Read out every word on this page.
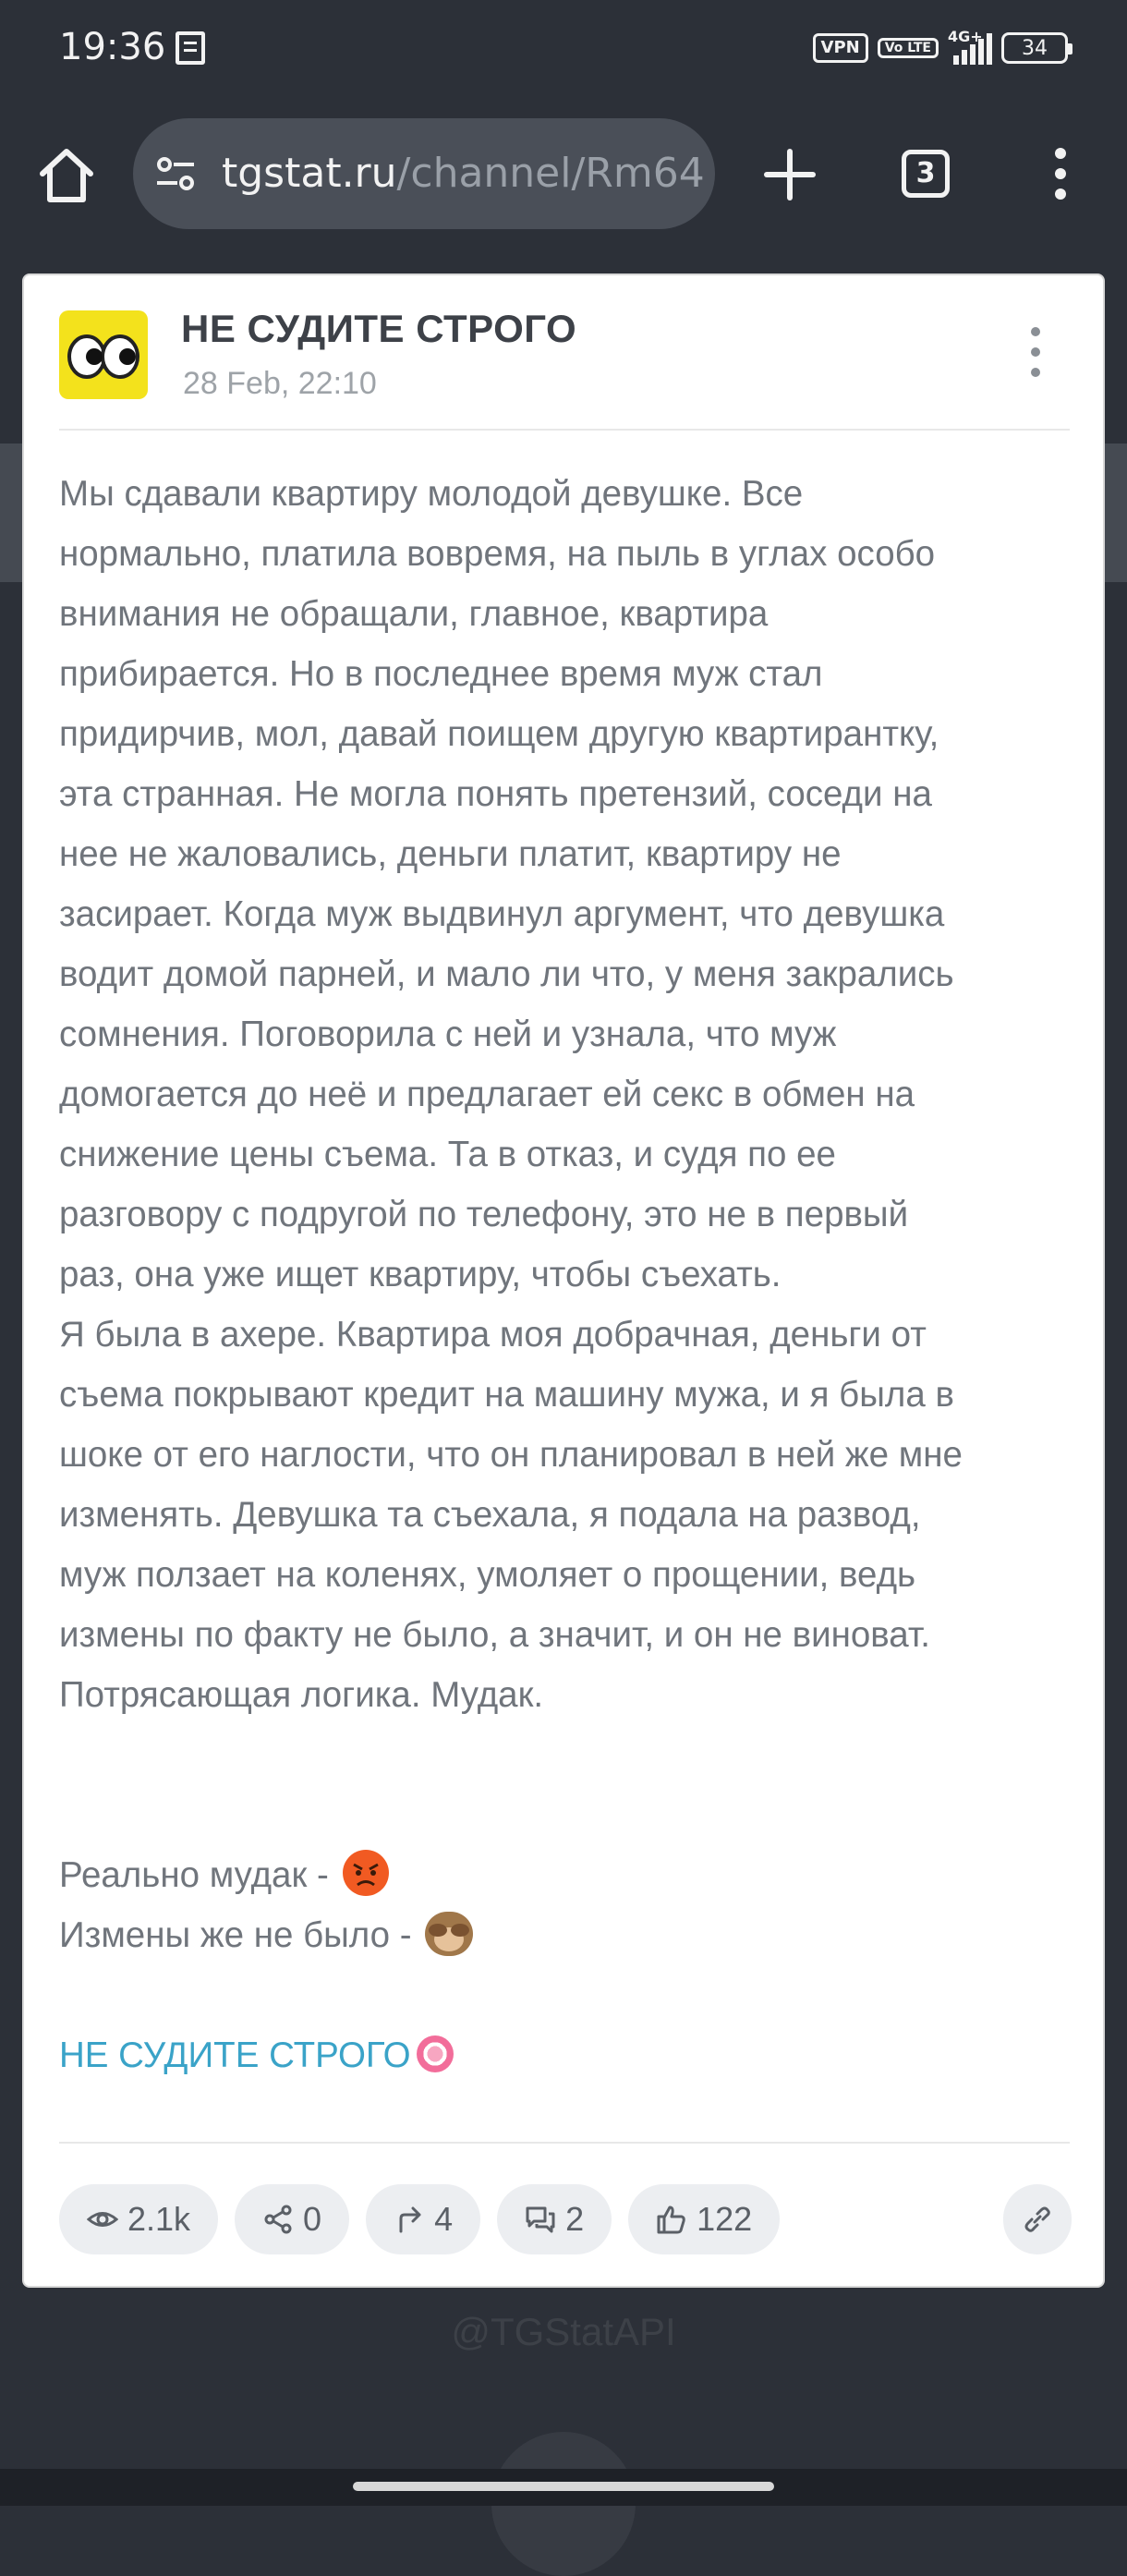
19:36	VPN	Vo LTE
4G+ 34
tgstat.ru/channel/Rm64	3
НЕ СУДИТЕ СТРОГО
28 Feb, 22:10
Мы сдавали квартиру молодой девушке. Все
нормально, платила вовремя, на пыль в углах особо
внимания не обращали, главное, квартира
прибирается. Но в последнее время муж стал
придирчив, мол, давай поищем другую квартирантку,
эта странная. Не могла понять претензий, соседи на
нее не жаловались, деньги платит, квартиру не
засирает. Когда муж выдвинул аргумент, что девушка
водит домой парней, и мало ли что, у меня закрались
сомнения. Поговорила с ней и узнала, что муж
домогается до неё и предлагает ей секс в обмен на
снижение цены съема. Та в отказ, и судя по ее
разговору с подругой по телефону, это не в первый
раз, она уже ищет квартиру, чтобы съехать.
Я была в ахере. Квартира моя добрачная, деньги от
съема покрывают кредит на машину мужа, и я была в
шоке от его наглости, что он планировал в ней же мне
изменять. Девушка та съехала, я подала на развод,
муж ползает на коленях, умоляет о прощении, ведь
измены по факту не было, а значит, и он не виноват.
Потрясающая логика. Мудак.

Реально мудак -

Измены же не было -

НЕ СУДИТЕ СТРОГО
2.1k	0	4	2	122
@TGStatAPI
